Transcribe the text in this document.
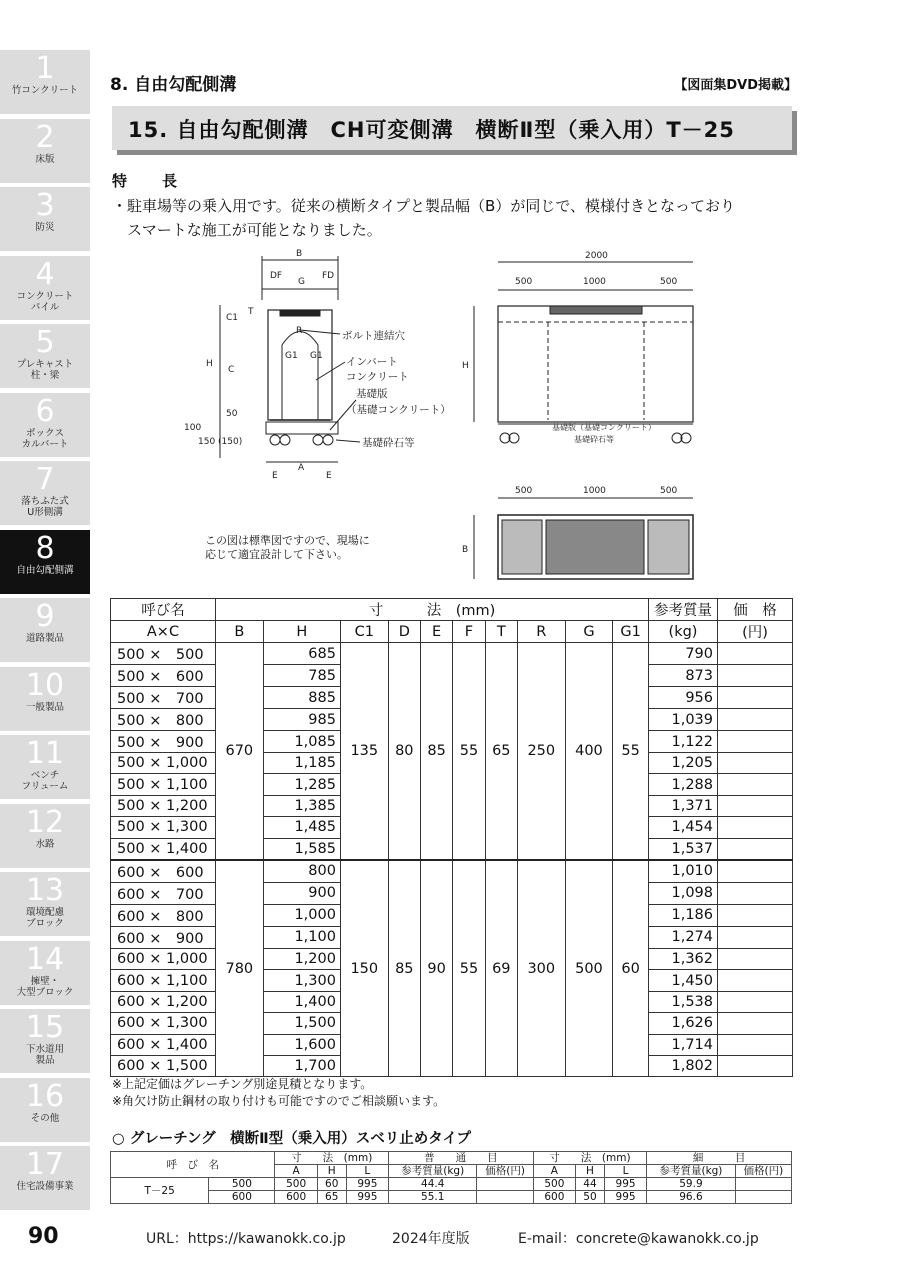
1
竹コンクリート
2
床版
3
防災
4
コンクリート
パイル
5
プレキャスト
柱・梁
6
ボックス
カルバート
7
落ちふた式
U形側溝
8
自由勾配側溝
9
道路製品
10
一般製品
11
ベンチ
フリューム
12
水路
13
環境配慮
ブロック
14
擁壁・
大型ブロック
15
下水道用
製品
16
その他
17
住宅設備事業
8. 自由勾配側溝	【図面集DVD掲載】
15. 自由勾配側溝　CH可変側溝　横断Ⅱ型（乗入用）T－25
特　長
・駐車場等の乗入用です。従来の横断タイプと製品幅（B）が同じで、模様付きとなっており
スマートな施工が可能となりました。
B
DF
G
FD
C1
T
R
G1 G1
H
C
50
100
150 (150)
E
A
E
ボルト連結穴
インバート
コンクリート
基礎版
（基礎コンクリート）
基礎砕石等
2000
500	1000	500
H
基礎版（基礎コンクリート）
基礎砕石等
500	1000	500
B
この図は標準図ですので、現場に
応じて適宜設計して下さい。
呼び名	寸　　　法　(mm)										参考質量	価　格
A×C	B	H	C1	D	E	F	T	R	G	G1	(kg)	(円)
500 ×　500	670	685	135	80	85	55	65	250	400	55	790	
500 ×　600		785									873	
500 ×　700		885									956	
500 ×　800		985									1,039	
500 ×　900		1,085									1,122	
500 × 1,000		1,185									1,205	
500 × 1,100		1,285									1,288	
500 × 1,200		1,385									1,371	
500 × 1,300		1,485									1,454	
500 × 1,400		1,585									1,537	
600 ×　600	780	800	150	85	90	55	69	300	500	60	1,010	
600 ×　700		900									1,098	
600 ×　800		1,000									1,186	
600 ×　900		1,100									1,274	
600 × 1,000		1,200									1,362	
600 × 1,100		1,300									1,450	
600 × 1,200		1,400									1,538	
600 × 1,300		1,500									1,626	
600 × 1,400		1,600									1,714	
600 × 1,500		1,700									1,802	
※上記定価はグレーチング別途見積となります。
※角欠け防止鋼材の取り付けも可能ですのでご相談願います。
○ グレーチング　横断Ⅱ型（乗入用）スベリ止めタイプ
呼　び　名		寸　　法　(mm)			普　　通　　目		寸　　法　(mm)			細　　　目	
		A	H	L	参考質量(kg)	価格(円)	A	H	L	参考質量(kg)	価格(円)
T－25	500	500	60	995	44.4		500	44	995	59.9	
	600	600	65	995	55.1		600	50	995	96.6	
90	URL：https://kawanokk.co.jp	2024年度版	E-mail：concrete@kawanokk.co.jp
